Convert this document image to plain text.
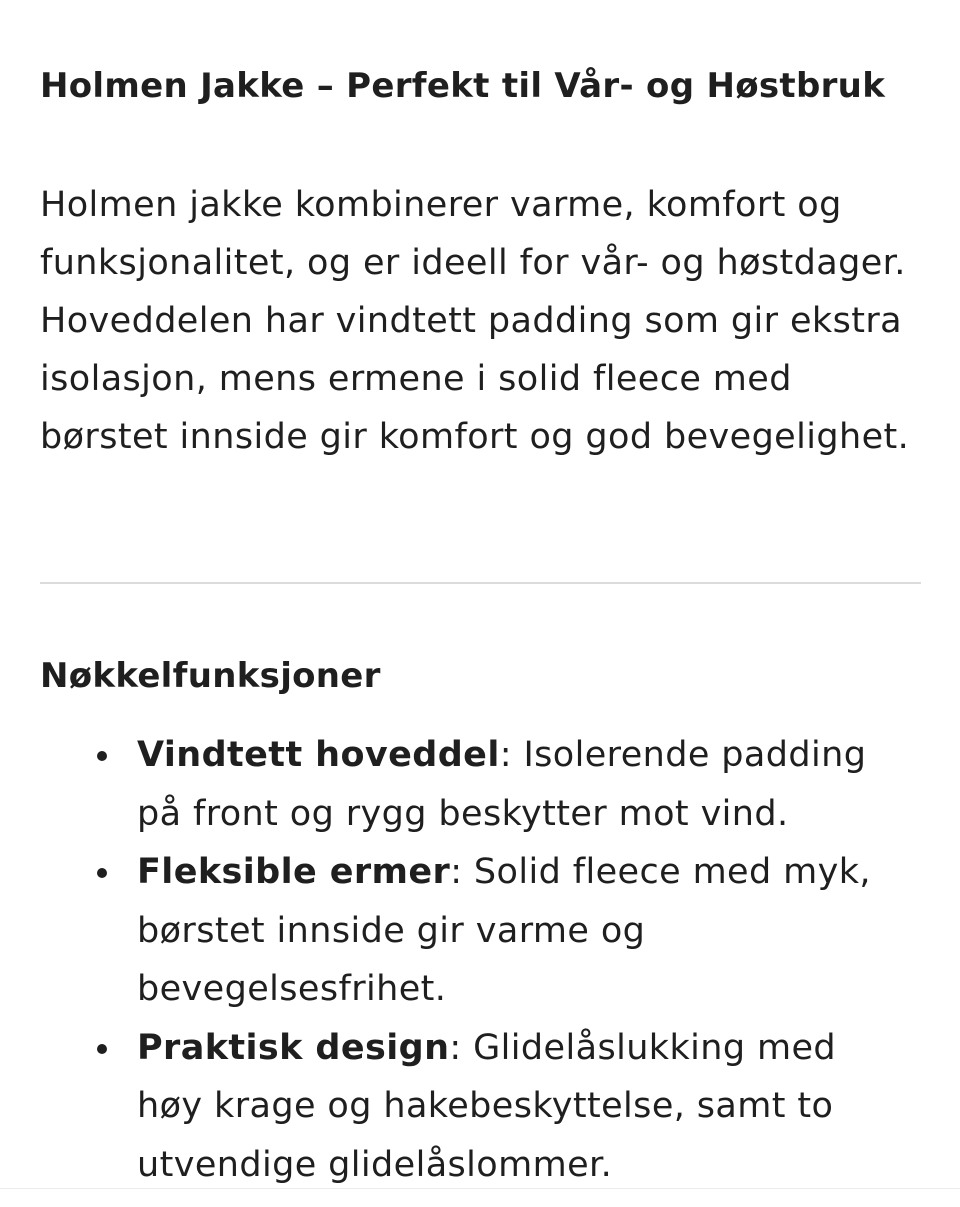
Holmen Jakke – Perfekt til Vår- og Høstbruk

Holmen jakke kombinerer varme, komfort og funksjonalitet, og er ideell for vår- og høstdager. Hoveddelen har vindtett padding som gir ekstra isolasjon, mens ermene i solid fleece med børstet innside gir komfort og god bevegelighet.

Nøkkelfunksjoner
Vindtett hoveddel: Isolerende padding på front og rygg beskytter mot vind.
Fleksible ermer: Solid fleece med myk, børstet innside gir varme og bevegelsesfrihet.
Praktisk design: Glidelåslukking med høy krage og hakebeskyttelse, samt to utvendige glidelåslommer.
